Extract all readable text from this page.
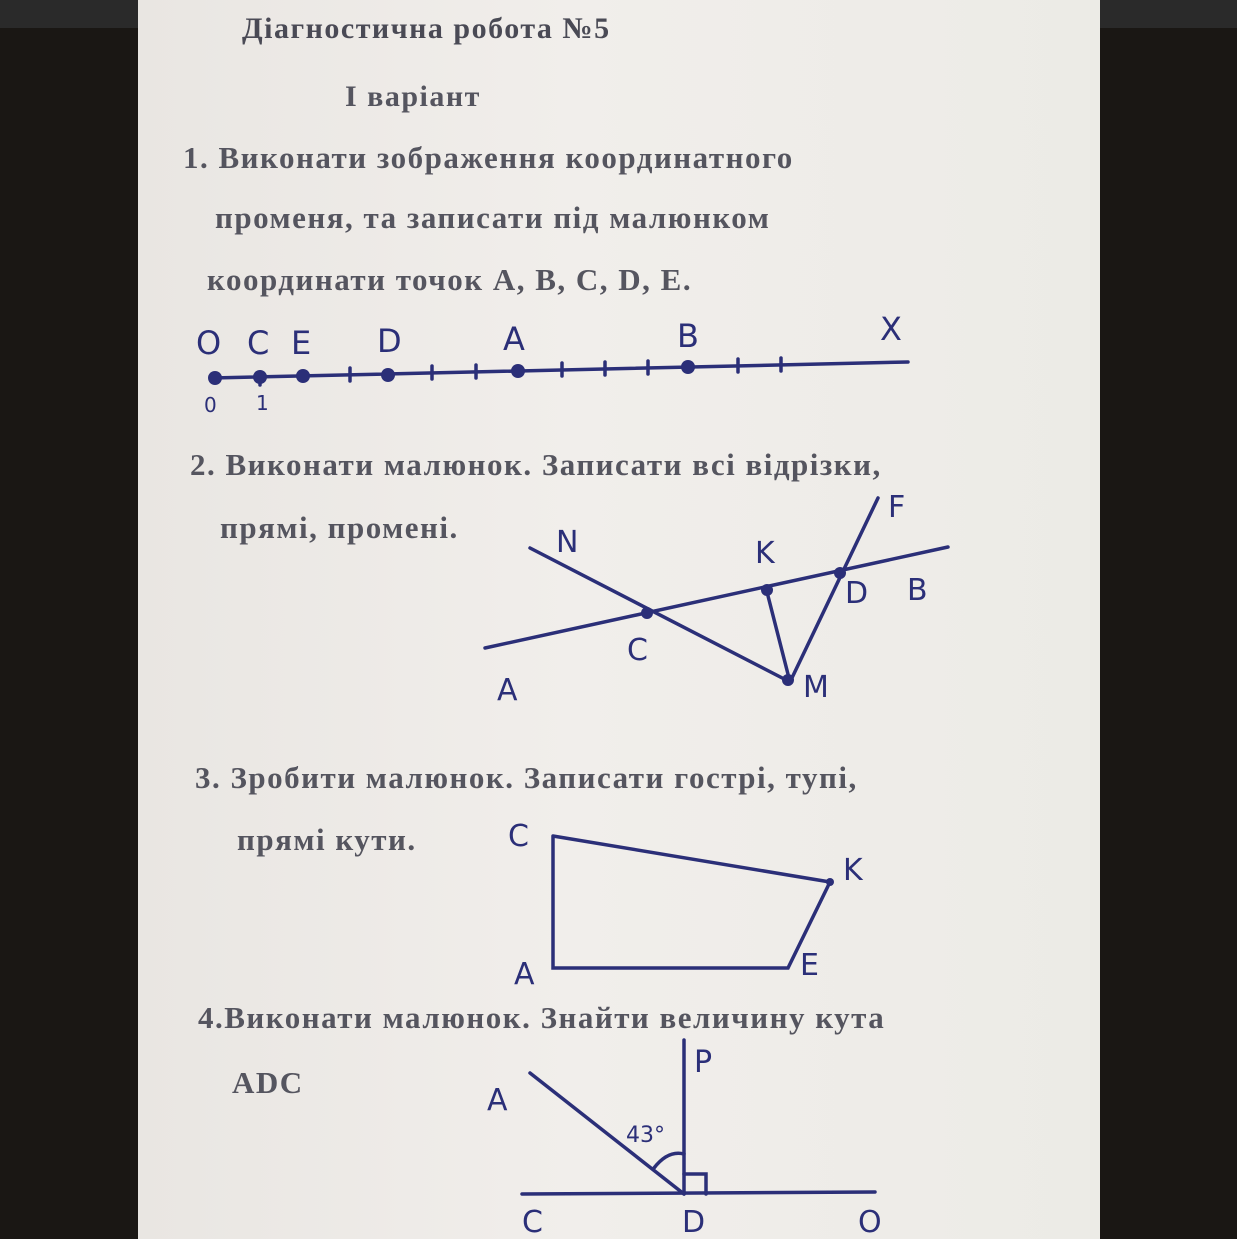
Діагностична робота №5
І варіант
1. Виконати зображення координатного
променя, та записати під малюнком
координати точок A, B, C, D, E.
2. Виконати малюнок. Записати всі відрізки,
прямі, промені.
3. Зробити малюнок. Записати гострі, тупі,
прямі кути.
4.Виконати малюнок. Знайти величину кута
ADC
O C E D	A	B	X
0 1
N
F
K
D B
C
A	M
C
K
A	E
A
P
C	D	O
43°
